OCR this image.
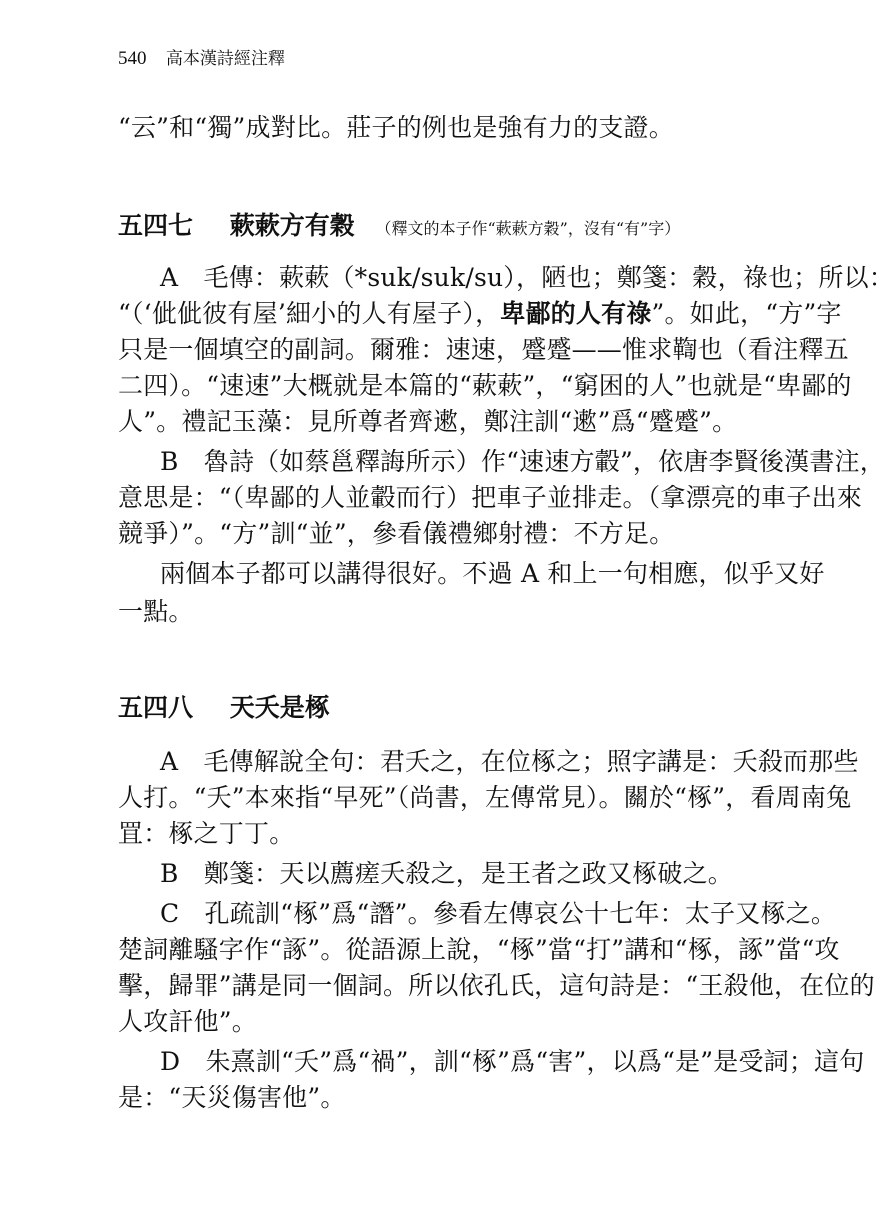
540 高本漢詩經注釋
“云”和“獨”成對比。莊子的例也是強有力的支證。
五四七 蔌蔌方有穀 （釋文的本子作“蔌蔌方穀”，沒有“有”字）
A　毛傳：蔌蔌（*suk/suk/su），陋也；鄭箋：穀，祿也；所以：
“（‘佌佌彼有屋’細小的人有屋子），卑鄙的人有祿”。如此，“方”字
只是一個填空的副詞。爾雅：速速，蹙蹙——惟求鞫也（看注釋五
二四）。“速速”大概就是本篇的“蔌蔌”，“窮困的人”也就是“卑鄙的
人”。禮記玉藻：見所尊者齊遬，鄭注訓“遬”爲“蹙蹙”。
B　魯詩（如蔡邕釋誨所示）作“速速方轂”，依唐李賢後漢書注，
意思是：“（卑鄙的人並轂而行）把車子並排走。（拿漂亮的車子出來
競爭）”。“方”訓“並”，參看儀禮鄉射禮：不方足。
兩個本子都可以講得很好。不過 A 和上一句相應，似乎又好
一點。
五四八 天夭是椓
A　毛傳解說全句：君夭之，在位椓之；照字講是：夭殺而那些
人打。“夭”本來指“早死”（尚書，左傳常見）。關於“椓”，看周南兔
罝：椓之丁丁。
B　鄭箋：天以薦瘥夭殺之，是王者之政又椓破之。
C　孔疏訓“椓”爲“譖”。參看左傳哀公十七年：太子又椓之。
楚詞離騷字作“諑”。從語源上說，“椓”當“打”講和“椓，諑”當“攻
擊，歸罪”講是同一個詞。所以依孔氏，這句詩是：“王殺他，在位的
人攻訐他”。
D　朱熹訓“夭”爲“禍”，訓“椓”爲“害”，以爲“是”是受詞；這句
是：“天災傷害他”。
